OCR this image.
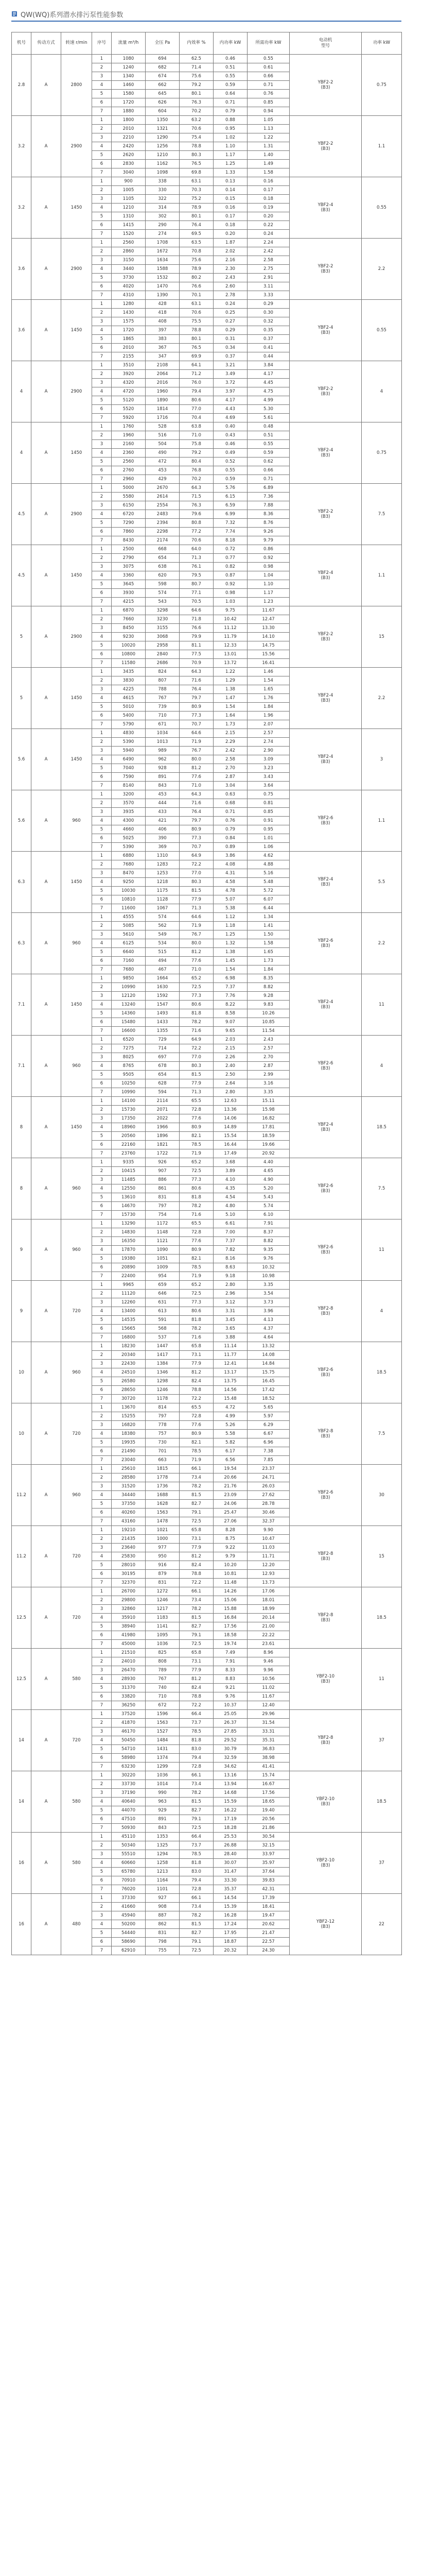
QW(WQ)系列潜水排污泵性能参数
机号	传动方式	转速 r/min	序号	流量 m³/h	全压 Pa	内效率 %	内功率 kW	所需功率 kW	电动机
型号	功率 kW
2.8	A	2800	1	1080	694	62.5	0.46	0.55	YBF2-2
(B3)	0.75
			2	1240	682	71.4	0.51	0.61		
			3	1340	674	75.6	0.55	0.66		
			4	1460	662	79.2	0.59	0.71		
			5	1580	645	80.1	0.64	0.76		
			6	1720	626	76.3	0.71	0.85		
			7	1880	604	70.2	0.79	0.94		
3.2	A	2900	1	1800	1350	63.2	0.88	1.05	YBF2-2
(B3)	1.1
			2	2010	1321	70.6	0.95	1.13		
			3	2210	1290	75.4	1.02	1.22		
			4	2420	1256	78.8	1.10	1.31		
			5	2620	1210	80.3	1.17	1.40		
			6	2830	1162	76.5	1.25	1.49		
			7	3040	1098	69.8	1.33	1.58		
3.2	A	1450	1	900	338	63.1	0.13	0.16	YBF2-4
(B3)	0.55
			2	1005	330	70.3	0.14	0.17		
			3	1105	322	75.2	0.15	0.18		
			4	1210	314	78.9	0.16	0.19		
			5	1310	302	80.1	0.17	0.20		
			6	1415	290	76.4	0.18	0.22		
			7	1520	274	69.5	0.20	0.24		
3.6	A	2900	1	2560	1708	63.5	1.87	2.24	YBF2-2
(B3)	2.2
			2	2860	1672	70.8	2.02	2.42		
			3	3150	1634	75.6	2.16	2.58		
			4	3440	1588	78.9	2.30	2.75		
			5	3730	1532	80.2	2.43	2.91		
			6	4020	1470	76.6	2.60	3.11		
			7	4310	1390	70.1	2.78	3.33		
3.6	A	1450	1	1280	428	63.1	0.24	0.29	YBF2-4
(B3)	0.55
			2	1430	418	70.6	0.25	0.30		
			3	1575	408	75.5	0.27	0.32		
			4	1720	397	78.8	0.29	0.35		
			5	1865	383	80.1	0.31	0.37		
			6	2010	367	76.5	0.34	0.41		
			7	2155	347	69.9	0.37	0.44		
4	A	2900	1	3510	2108	64.1	3.21	3.84	YBF2-2
(B3)	4
			2	3920	2064	71.2	3.49	4.17		
			3	4320	2016	76.0	3.72	4.45		
			4	4720	1960	79.4	3.97	4.75		
			5	5120	1890	80.6	4.17	4.99		
			6	5520	1814	77.0	4.43	5.30		
			7	5920	1716	70.4	4.69	5.61		
4	A	1450	1	1760	528	63.8	0.40	0.48	YBF2-4
(B3)	0.75
			2	1960	516	71.0	0.43	0.51		
			3	2160	504	75.8	0.46	0.55		
			4	2360	490	79.2	0.49	0.59		
			5	2560	472	80.4	0.52	0.62		
			6	2760	453	76.8	0.55	0.66		
			7	2960	429	70.2	0.59	0.71		
4.5	A	2900	1	5000	2670	64.3	5.76	6.89	YBF2-2
(B3)	7.5
			2	5580	2614	71.5	6.15	7.36		
			3	6150	2554	76.3	6.59	7.88		
			4	6720	2483	79.6	6.99	8.36		
			5	7290	2394	80.8	7.32	8.76		
			6	7860	2298	77.2	7.74	9.26		
			7	8430	2174	70.6	8.18	9.79		
4.5	A	1450	1	2500	668	64.0	0.72	0.86	YBF2-4
(B3)	1.1
			2	2790	654	71.3	0.77	0.92		
			3	3075	638	76.1	0.82	0.98		
			4	3360	620	79.5	0.87	1.04		
			5	3645	598	80.7	0.92	1.10		
			6	3930	574	77.1	0.98	1.17		
			7	4215	543	70.5	1.03	1.23		
5	A	2900	1	6870	3298	64.6	9.75	11.67	YBF2-2
(B3)	15
			2	7660	3230	71.8	10.42	12.47		
			3	8450	3155	76.6	11.12	13.30		
			4	9230	3068	79.9	11.79	14.10		
			5	10020	2958	81.1	12.33	14.75		
			6	10800	2840	77.5	13.01	15.56		
			7	11580	2686	70.9	13.72	16.41		
5	A	1450	1	3435	824	64.3	1.22	1.46	YBF2-4
(B3)	2.2
			2	3830	807	71.6	1.29	1.54		
			3	4225	788	76.4	1.38	1.65		
			4	4615	767	79.7	1.47	1.76		
			5	5010	739	80.9	1.54	1.84		
			6	5400	710	77.3	1.64	1.96		
			7	5790	671	70.7	1.73	2.07		
5.6	A	1450	1	4830	1034	64.6	2.15	2.57	YBF2-4
(B3)	3
			2	5390	1013	71.9	2.29	2.74		
			3	5940	989	76.7	2.42	2.90		
			4	6490	962	80.0	2.58	3.09		
			5	7040	928	81.2	2.70	3.23		
			6	7590	891	77.6	2.87	3.43		
			7	8140	843	71.0	3.04	3.64		
5.6	A	960	1	3200	453	64.3	0.63	0.75	YBF2-6
(B3)	1.1
			2	3570	444	71.6	0.68	0.81		
			3	3935	433	76.4	0.71	0.85		
			4	4300	421	79.7	0.76	0.91		
			5	4660	406	80.9	0.79	0.95		
			6	5025	390	77.3	0.84	1.01		
			7	5390	369	70.7	0.89	1.06		
6.3	A	1450	1	6880	1310	64.9	3.86	4.62	YBF2-4
(B3)	5.5
			2	7680	1283	72.2	4.08	4.88		
			3	8470	1253	77.0	4.31	5.16		
			4	9250	1218	80.3	4.58	5.48		
			5	10030	1175	81.5	4.78	5.72		
			6	10810	1128	77.9	5.07	6.07		
			7	11600	1067	71.3	5.38	6.44		
6.3	A	960	1	4555	574	64.6	1.12	1.34	YBF2-6
(B3)	2.2
			2	5085	562	71.9	1.18	1.41		
			3	5610	549	76.7	1.25	1.50		
			4	6125	534	80.0	1.32	1.58		
			5	6640	515	81.2	1.38	1.65		
			6	7160	494	77.6	1.45	1.73		
			7	7680	467	71.0	1.54	1.84		
7.1	A	1450	1	9850	1664	65.2	6.98	8.35	YBF2-4
(B3)	11
			2	10990	1630	72.5	7.37	8.82		
			3	12120	1592	77.3	7.76	9.28		
			4	13240	1547	80.6	8.22	9.83		
			5	14360	1493	81.8	8.58	10.26		
			6	15480	1433	78.2	9.07	10.85		
			7	16600	1355	71.6	9.65	11.54		
7.1	A	960	1	6520	729	64.9	2.03	2.43	YBF2-6
(B3)	4
			2	7275	714	72.2	2.15	2.57		
			3	8025	697	77.0	2.26	2.70		
			4	8765	678	80.3	2.40	2.87		
			5	9505	654	81.5	2.50	2.99		
			6	10250	628	77.9	2.64	3.16		
			7	10990	594	71.3	2.80	3.35		
8	A	1450	1	14100	2114	65.5	12.63	15.11	YBF2-4
(B3)	18.5
			2	15730	2071	72.8	13.36	15.98		
			3	17350	2022	77.6	14.06	16.82		
			4	18960	1966	80.9	14.89	17.81		
			5	20560	1896	82.1	15.54	18.59		
			6	22160	1821	78.5	16.44	19.66		
			7	23760	1722	71.9	17.49	20.92		
8	A	960	1	9335	926	65.2	3.68	4.40	YBF2-6
(B3)	7.5
			2	10415	907	72.5	3.89	4.65		
			3	11485	886	77.3	4.10	4.90		
			4	12550	861	80.6	4.35	5.20		
			5	13610	831	81.8	4.54	5.43		
			6	14670	797	78.2	4.80	5.74		
			7	15730	754	71.6	5.10	6.10		
9	A	960	1	13290	1172	65.5	6.61	7.91	YBF2-6
(B3)	11
			2	14830	1148	72.8	7.00	8.37		
			3	16350	1121	77.6	7.37	8.82		
			4	17870	1090	80.9	7.82	9.35		
			5	19380	1051	82.1	8.16	9.76		
			6	20890	1009	78.5	8.63	10.32		
			7	22400	954	71.9	9.18	10.98		
9	A	720	1	9965	659	65.2	2.80	3.35	YBF2-8
(B3)	4
			2	11120	646	72.5	2.96	3.54		
			3	12260	631	77.3	3.12	3.73		
			4	13400	613	80.6	3.31	3.96		
			5	14535	591	81.8	3.45	4.13		
			6	15665	568	78.2	3.65	4.37		
			7	16800	537	71.6	3.88	4.64		
10	A	960	1	18230	1447	65.8	11.14	13.32	YBF2-6
(B3)	18.5
			2	20340	1417	73.1	11.77	14.08		
			3	22430	1384	77.9	12.41	14.84		
			4	24510	1346	81.2	13.17	15.75		
			5	26580	1298	82.4	13.75	16.45		
			6	28650	1246	78.8	14.56	17.42		
			7	30720	1178	72.2	15.48	18.52		
10	A	720	1	13670	814	65.5	4.72	5.65	YBF2-8
(B3)	7.5
			2	15255	797	72.8	4.99	5.97		
			3	16820	778	77.6	5.26	6.29		
			4	18380	757	80.9	5.58	6.67		
			5	19935	730	82.1	5.82	6.96		
			6	21490	701	78.5	6.17	7.38		
			7	23040	663	71.9	6.56	7.85		
11.2	A	960	1	25610	1815	66.1	19.54	23.37	YBF2-6
(B3)	30
			2	28580	1778	73.4	20.66	24.71		
			3	31520	1736	78.2	21.76	26.03		
			4	34440	1688	81.5	23.09	27.62		
			5	37350	1628	82.7	24.06	28.78		
			6	40260	1563	79.1	25.47	30.46		
			7	43160	1478	72.5	27.06	32.37		
11.2	A	720	1	19210	1021	65.8	8.28	9.90	YBF2-8
(B3)	15
			2	21435	1000	73.1	8.75	10.47		
			3	23640	977	77.9	9.22	11.03		
			4	25830	950	81.2	9.79	11.71		
			5	28010	916	82.4	10.20	12.20		
			6	30195	879	78.8	10.81	12.93		
			7	32370	831	72.2	11.48	13.73		
12.5	A	720	1	26700	1272	66.1	14.26	17.06	YBF2-8
(B3)	18.5
			2	29800	1246	73.4	15.06	18.01		
			3	32860	1217	78.2	15.88	18.99		
			4	35910	1183	81.5	16.84	20.14		
			5	38940	1141	82.7	17.56	21.00		
			6	41980	1095	79.1	18.58	22.22		
			7	45000	1036	72.5	19.74	23.61		
12.5	A	580	1	21510	825	65.8	7.49	8.96	YBF2-10
(B3)	11
			2	24010	808	73.1	7.91	9.46		
			3	26470	789	77.9	8.33	9.96		
			4	28930	767	81.2	8.83	10.56		
			5	31370	740	82.4	9.21	11.02		
			6	33820	710	78.8	9.76	11.67		
			7	36250	672	72.2	10.37	12.40		
14	A	720	1	37520	1596	66.4	25.05	29.96	YBF2-8
(B3)	37
			2	41870	1563	73.7	26.37	31.54		
			3	46170	1527	78.5	27.85	33.31		
			4	50450	1484	81.8	29.52	35.31		
			5	54710	1431	83.0	30.79	36.83		
			6	58980	1374	79.4	32.59	38.98		
			7	63230	1299	72.8	34.62	41.41		
14	A	580	1	30220	1036	66.1	13.16	15.74	YBF2-10
(B3)	18.5
			2	33730	1014	73.4	13.94	16.67		
			3	37190	990	78.2	14.68	17.56		
			4	40640	963	81.5	15.59	18.65		
			5	44070	929	82.7	16.22	19.40		
			6	47510	891	79.1	17.19	20.56		
			7	50930	843	72.5	18.28	21.86		
16	A	580	1	45110	1353	66.4	25.53	30.54	YBF2-10
(B3)	37
			2	50340	1325	73.7	26.88	32.15		
			3	55510	1294	78.5	28.40	33.97		
			4	60660	1258	81.8	30.07	35.97		
			5	65780	1213	83.0	31.47	37.64		
			6	70910	1164	79.4	33.30	39.83		
			7	76020	1101	72.8	35.37	42.31		
16	A	480	1	37330	927	66.1	14.54	17.39	YBF2-12
(B3)	22
			2	41660	908	73.4	15.39	18.41		
			3	45940	887	78.2	16.28	19.47		
			4	50200	862	81.5	17.24	20.62		
			5	54440	831	82.7	17.95	21.47		
			6	58690	798	79.1	18.87	22.57		
			7	62910	755	72.5	20.32	24.30		
